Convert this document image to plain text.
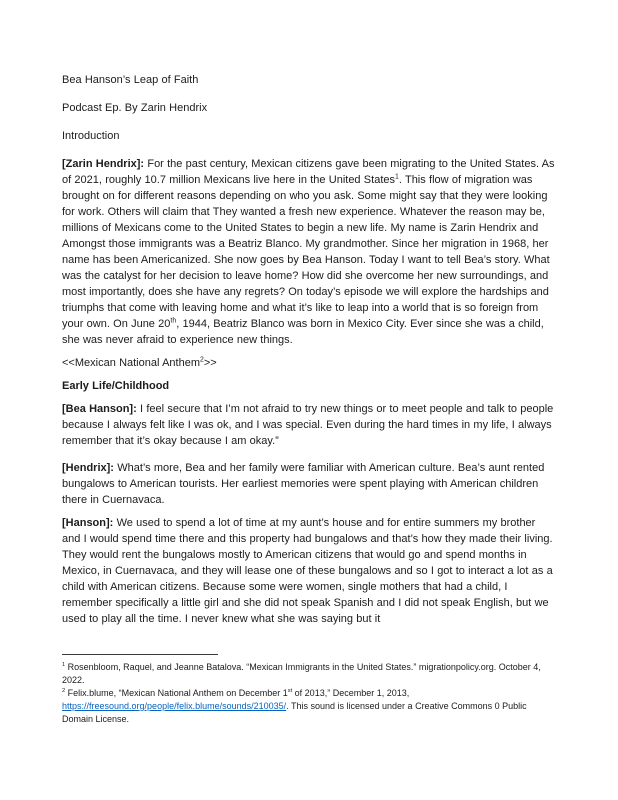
Bea Hanson’s Leap of Faith

Podcast Ep. By Zarin Hendrix

Introduction

[Zarin Hendrix]: For the past century, Mexican citizens gave been migrating to the United States. As of 2021, roughly 10.7 million Mexicans live here in the United States$^1$. This flow of migration was brought on for different reasons depending on who you ask. Some might say that they were looking for work. Others will claim that They wanted a fresh new experience. Whatever the reason may be, millions of Mexicans come to the United States to begin a new life. My name is Zarin Hendrix and Amongst those immigrants was a Beatriz Blanco. My grandmother. Since her migration in 1968, her name has been Americanized. She now goes by Bea Hanson. Today I want to tell Bea’s story. What was the catalyst for her decision to leave home? How did she overcome her new surroundings, and most importantly, does she have any regrets? On today’s episode we will explore the hardships and triumphs that come with leaving home and what it’s like to leap into a world that is so foreign from your own. On June 20th, 1944, Beatriz Blanco was born in Mexico City. Ever since she was a child, she was never afraid to experience new things.

<<Mexican National Anthem$^2$>>

Early Life/Childhood

[Bea Hanson]: I feel secure that I’m not afraid to try new things or to meet people and talk to people because I always felt like I was ok, and I was special. Even during the hard times in my life, I always remember that it’s okay because I am okay.”

[Hendrix]: What’s more, Bea and her family were familiar with American culture. Bea’s aunt rented bungalows to American tourists. Her earliest memories were spent playing with American children there in Cuernavaca.

[Hanson]: We used to spend a lot of time at my aunt’s house and for entire summers my brother and I would spend time there and this property had bungalows and that’s how they made their living. They would rent the bungalows mostly to American citizens that would go and spend months in Mexico, in Cuernavaca, and they will lease one of these bungalows and so I got to interact a lot as a child with American citizens. Because some were women, single mothers that had a child, I remember specifically a little girl and she did not speak Spanish and I did not speak English, but we used to play all the time. I never knew what she was saying but it

$^1$ Rosenbloom, Raquel, and Jeanne Batalova. “Mexican Immigrants in the United States.” migrationpolicy.org. October 4, 2022.

$^2$ Felix.blume, “Mexican National Anthem on December 1st of 2013,” December 1, 2013, https://freesound.org/people/felix.blume/sounds/210035/. This sound is licensed under a Creative Commons 0 Public Domain License.
